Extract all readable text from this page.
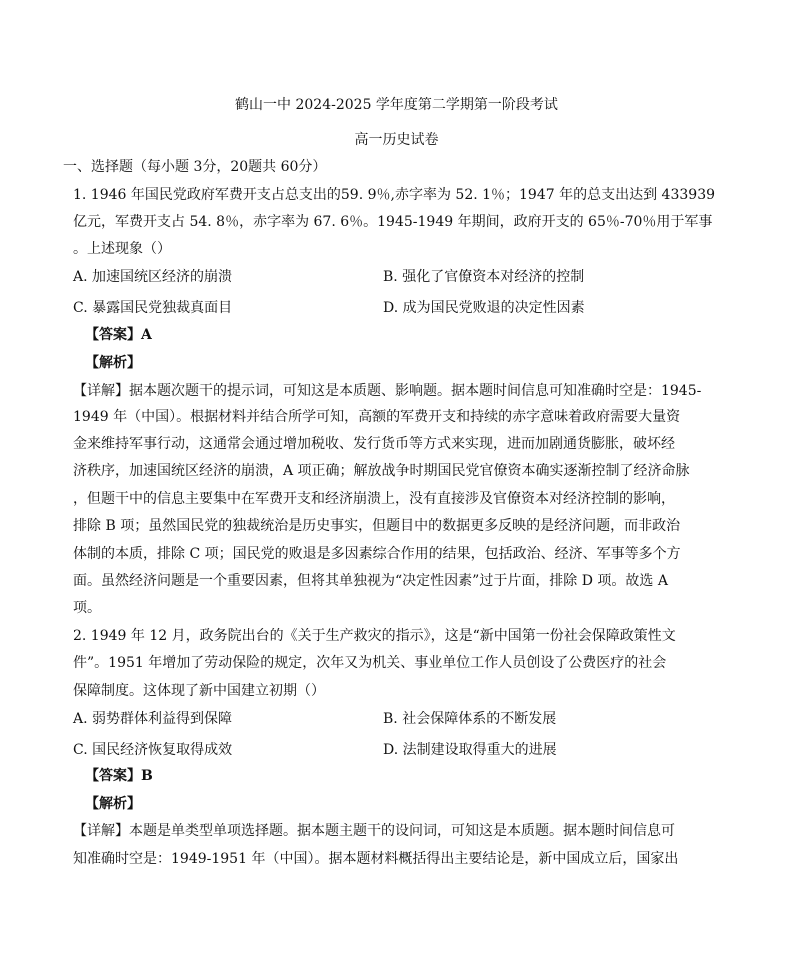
鹤山一中 2024-2025 学年度第二学期第一阶段考试
高一历史试卷
一、选择题（每小题 3分，20题共 60分）
1. 1946 年国民党政府军费开支占总支出的59. 9％,赤字率为 52. 1％；1947 年的总支出达到 433939
亿元，军费开支占 54. 8％，赤字率为 67. 6％。1945-1949 年期间，政府开支的 65％-70％用于军事
。上述现象（）
A. 加速国统区经济的崩溃	B. 强化了官僚资本对经济的控制
C. 暴露国民党独裁真面目	D. 成为国民党败退的决定性因素
【答案】A
【解析】
【详解】据本题次题干的提示词，可知这是本质题、影响题。据本题时间信息可知准确时空是：1945-
1949 年（中国）。根据材料并结合所学可知，高额的军费开支和持续的赤字意味着政府需要大量资
金来维持军事行动，这通常会通过增加税收、发行货币等方式来实现，进而加剧通货膨胀，破坏经
济秩序，加速国统区经济的崩溃，A 项正确；解放战争时期国民党官僚资本确实逐渐控制了经济命脉
，但题干中的信息主要集中在军费开支和经济崩溃上，没有直接涉及官僚资本对经济控制的影响，
排除 B 项；虽然国民党的独裁统治是历史事实，但题目中的数据更多反映的是经济问题，而非政治
体制的本质，排除 C 项；国民党的败退是多因素综合作用的结果，包括政治、经济、军事等多个方
面。虽然经济问题是一个重要因素，但将其单独视为“决定性因素”过于片面，排除 D 项。故选 A
项。
2. 1949 年 12 月，政务院出台的《关于生产救灾的指示》，这是“新中国第一份社会保障政策性文
件”。1951 年增加了劳动保险的规定，次年又为机关、事业单位工作人员创设了公费医疗的社会
保障制度。这体现了新中国建立初期（）
A. 弱势群体利益得到保障	B. 社会保障体系的不断发展
C. 国民经济恢复取得成效	D. 法制建设取得重大的进展
【答案】B
【解析】
【详解】本题是单类型单项选择题。据本题主题干的设问词，可知这是本质题。据本题时间信息可
知准确时空是：1949-1951 年（中国）。据本题材料概括得出主要结论是，新中国成立后，国家出
